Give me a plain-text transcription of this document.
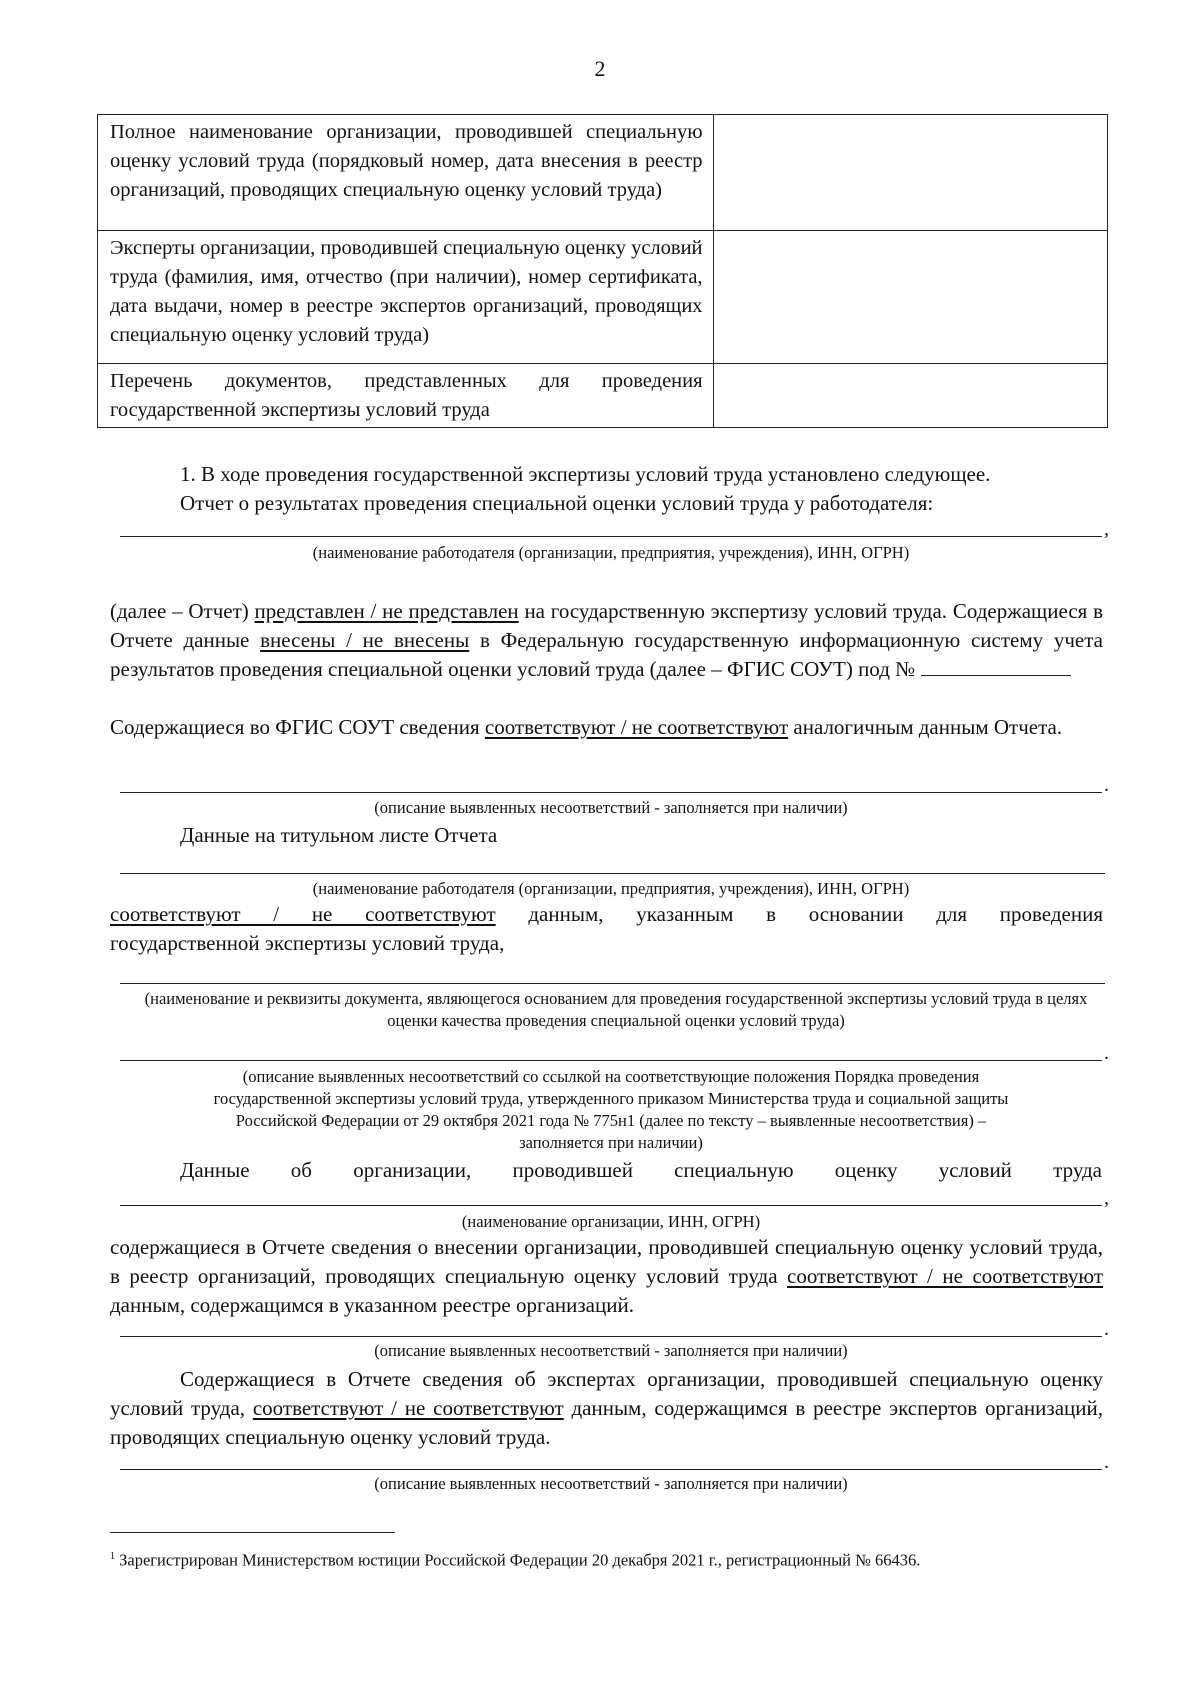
2
Полное наименование организации, проводившей специальную оценку условий труда (порядковый номер, дата внесения в реестр организаций, проводящих специальную оценку условий труда)	
Эксперты организации, проводившей специальную оценку условий труда (фамилия, имя, отчество (при наличии), номер сертификата, дата выдачи, номер в реестре экспертов организаций, проводящих специальную оценку условий труда)	
Перечень документов, представленных для проведения государственной экспертизы условий труда	
1. В ходе проведения государственной экспертизы условий труда установлено следующее.
Отчет о результатах проведения специальной оценки условий труда у работодателя:
,
(наименование работодателя (организации, предприятия, учреждения), ИНН, ОГРН)
(далее – Отчет) представлен / не представлен на государственную экспертизу условий труда. Содержащиеся в Отчете данные внесены / не внесены в Федеральную государственную информационную систему учета результатов проведения специальной оценки условий труда (далее – ФГИС СОУТ) под №
Содержащиеся во ФГИС СОУТ сведения соответствуют / не соответствуют аналогичным данным Отчета.
.
(описание выявленных несоответствий - заполняется при наличии)
Данные на титульном листе Отчета
(наименование работодателя (организации, предприятия, учреждения), ИНН, ОГРН)
соответствуют / не соответствуют данным, указанным в основании для проведения
государственной экспертизы условий труда,
(наименование и реквизиты документа, являющегося основанием для проведения государственной экспертизы условий труда в целях оценки качества проведения специальной оценки условий труда)
.
(описание выявленных несоответствий со ссылкой на соответствующие положения Порядка проведения
государственной экспертизы условий труда, утвержденного приказом Министерства труда и социальной защиты
Российской Федерации от 29 октября 2021 года № 775н1 (далее по тексту – выявленные несоответствия) –
заполняется при наличии)
Данные об организации, проводившей специальную оценку условий труда
,
(наименование организации, ИНН, ОГРН)
содержащиеся в Отчете сведения о внесении организации, проводившей специальную оценку условий труда, в реестр организаций, проводящих специальную оценку условий труда соответствуют / не соответствуют данным, содержащимся в указанном реестре организаций.
.
(описание выявленных несоответствий - заполняется при наличии)
Содержащиеся в Отчете сведения об экспертах организации, проводившей специальную оценку условий труда, соответствуют / не соответствуют данным, содержащимся в реестре экспертов организаций, проводящих специальную оценку условий труда.
.
(описание выявленных несоответствий - заполняется при наличии)
$^1$ Зарегистрирован Министерством юстиции Российской Федерации 20 декабря 2021 г., регистрационный № 66436.
